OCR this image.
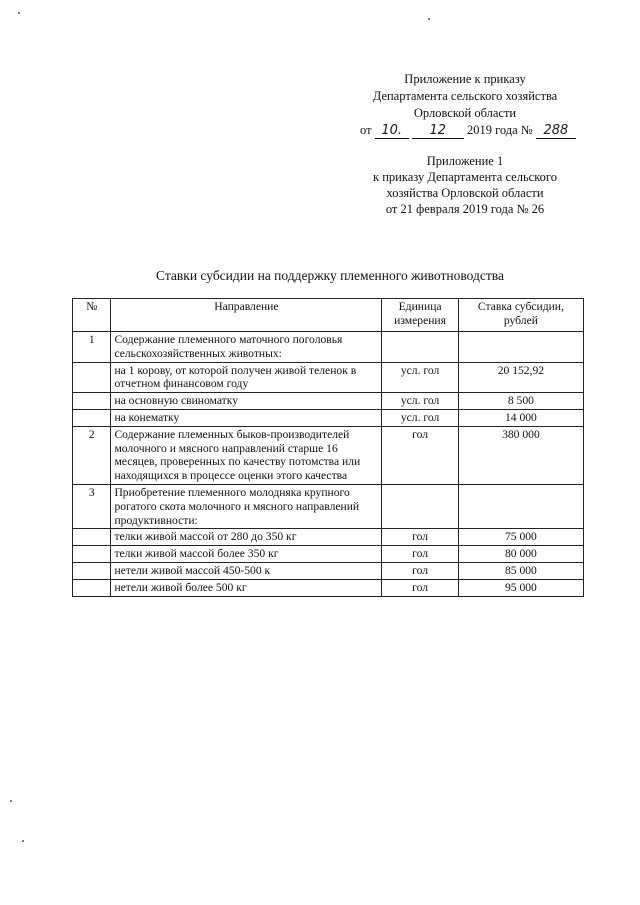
Приложение к приказу
Департамента сельского хозяйства
Орловской области
от 10. 12 2019 года № 288
Приложение 1
к приказу Департамента сельского
хозяйства Орловской области
от 21 февраля 2019 года № 26
Ставки субсидии на поддержку племенного животноводства
№	Направление	Единица измерения	Ставка субсидии, рублей
1	Содержание племенного маточного поголовья сельскохозяйственных животных:		
	на 1 корову, от которой получен живой теленок в отчетном финансовом году	усл. гол	20 152,92
	на основную свиноматку	усл. гол	8 500
	на конематку	усл. гол	14 000
2	Содержание племенных быков-производителей молочного и мясного направлений старше 16 месяцев, проверенных по качеству потомства или находящихся в процессе оценки этого качества	гол	380 000
3	Приобретение племенного молодняка крупного рогатого скота молочного и мясного направлений продуктивности:		
	телки живой массой от 280 до 350 кг	гол	75 000
	телки живой массой более 350 кг	гол	80 000
	нетели живой массой 450-500 к	гол	85 000
	нетели живой более 500 кг	гол	95 000
